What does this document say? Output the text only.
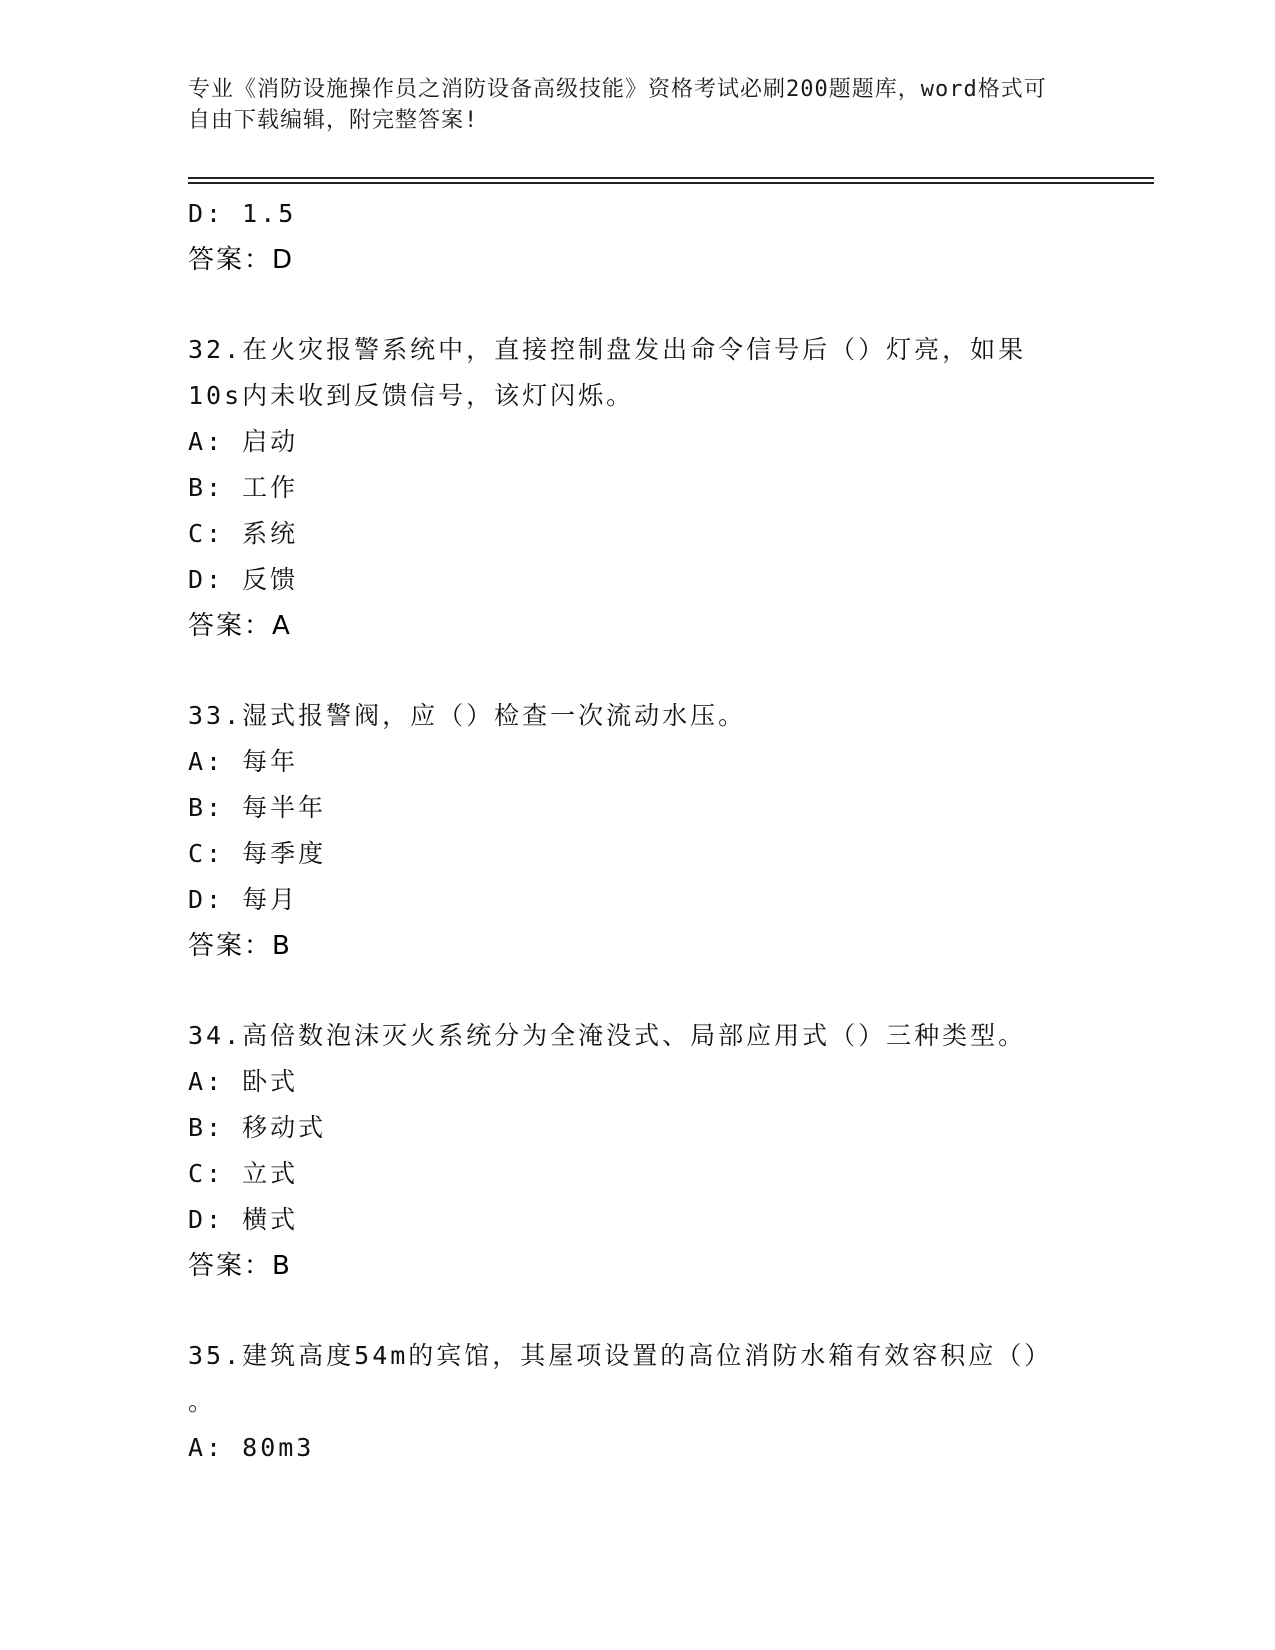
专业《消防设施操作员之消防设备高级技能》资格考试必刷200题题库，word格式可自由下载编辑，附完整答案!
D: 1.5
答案：D
32.在火灾报警系统中，直接控制盘发出命令信号后（）灯亮，如果
10s内未收到反馈信号，该灯闪烁。
A: 启动
B: 工作
C: 系统
D: 反馈
答案：A
33.湿式报警阀，应（）检查一次流动水压。
A: 每年
B: 每半年
C: 每季度
D: 每月
答案：B
34.高倍数泡沫灭火系统分为全淹没式、局部应用式（）三种类型。
A: 卧式
B: 移动式
C: 立式
D: 横式
答案：B
35.建筑高度54m的宾馆，其屋项设置的高位消防水箱有效容积应（）
。
A: 80m3
